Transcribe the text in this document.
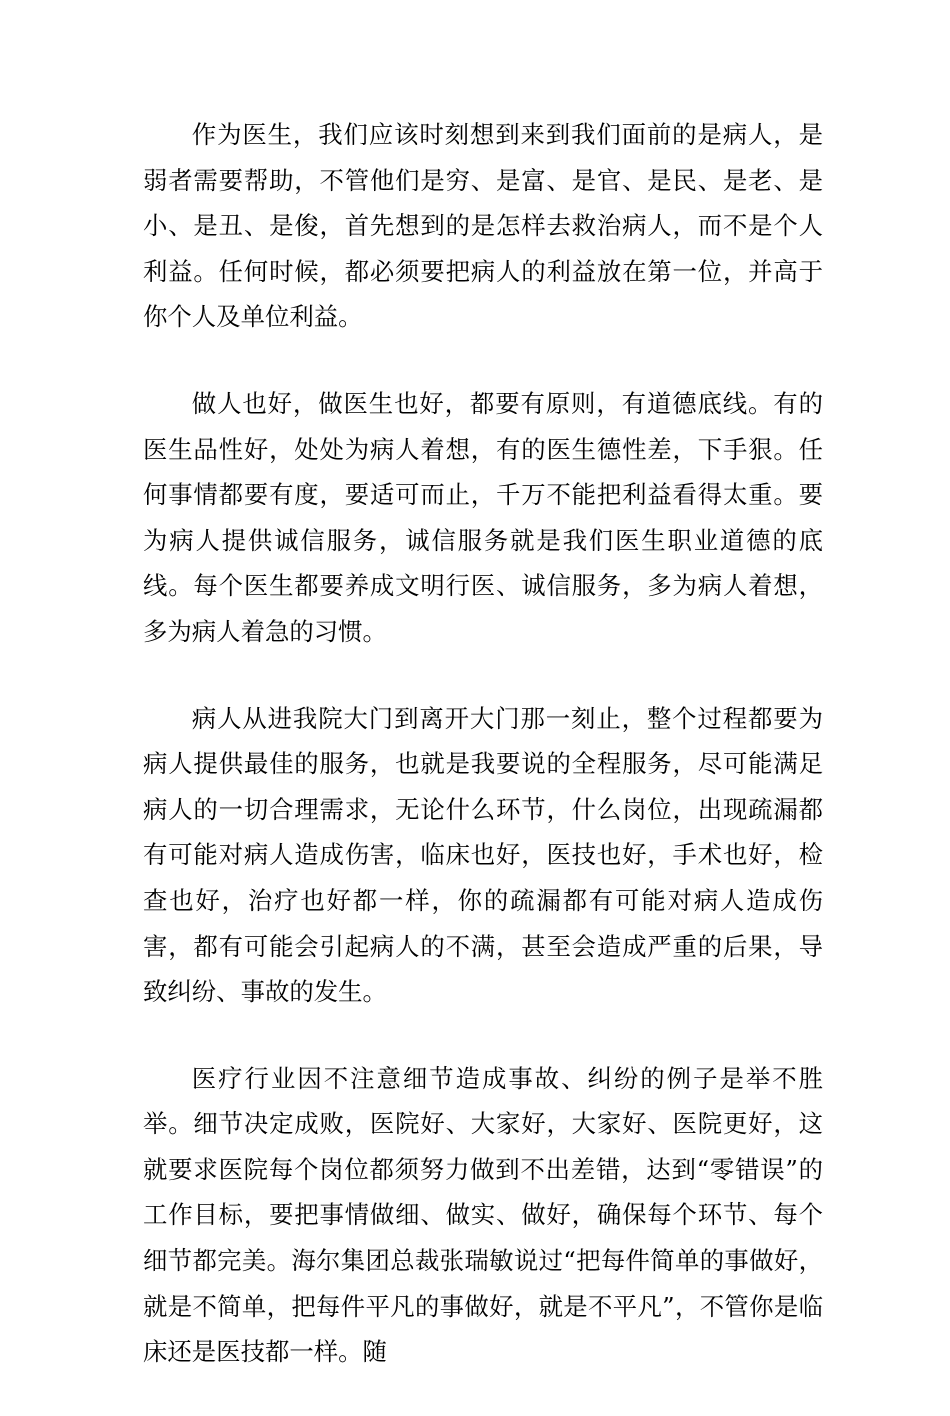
作为医生，我们应该时刻想到来到我们面前的是病人，是弱者需要帮助，不管他们是穷、是富、是官、是民、是老、是小、是丑、是俊，首先想到的是怎样去救治病人，而不是个人利益。任何时候，都必须要把病人的利益放在第一位，并高于你个人及单位利益。

做人也好，做医生也好，都要有原则，有道德底线。有的医生品性好，处处为病人着想，有的医生德性差，下手狠。任何事情都要有度，要适可而止，千万不能把利益看得太重。要为病人提供诚信服务，诚信服务就是我们医生职业道德的底线。每个医生都要养成文明行医、诚信服务，多为病人着想，多为病人着急的习惯。

病人从进我院大门到离开大门那一刻止，整个过程都要为病人提供最佳的服务，也就是我要说的全程服务，尽可能满足病人的一切合理需求，无论什么环节，什么岗位，出现疏漏都有可能对病人造成伤害，临床也好，医技也好，手术也好，检查也好，治疗也好都一样，你的疏漏都有可能对病人造成伤害，都有可能会引起病人的不满，甚至会造成严重的后果，导致纠纷、事故的发生。

医疗行业因不注意细节造成事故、纠纷的例子是举不胜举。细节决定成败，医院好、大家好，大家好、医院更好，这就要求医院每个岗位都须努力做到不出差错，达到“零错误”的工作目标，要把事情做细、做实、做好，确保每个环节、每个细节都完美。海尔集团总裁张瑞敏说过“把每件简单的事做好，就是不简单，把每件平凡的事做好，就是不平凡”，不管你是临床还是医技都一样。随
